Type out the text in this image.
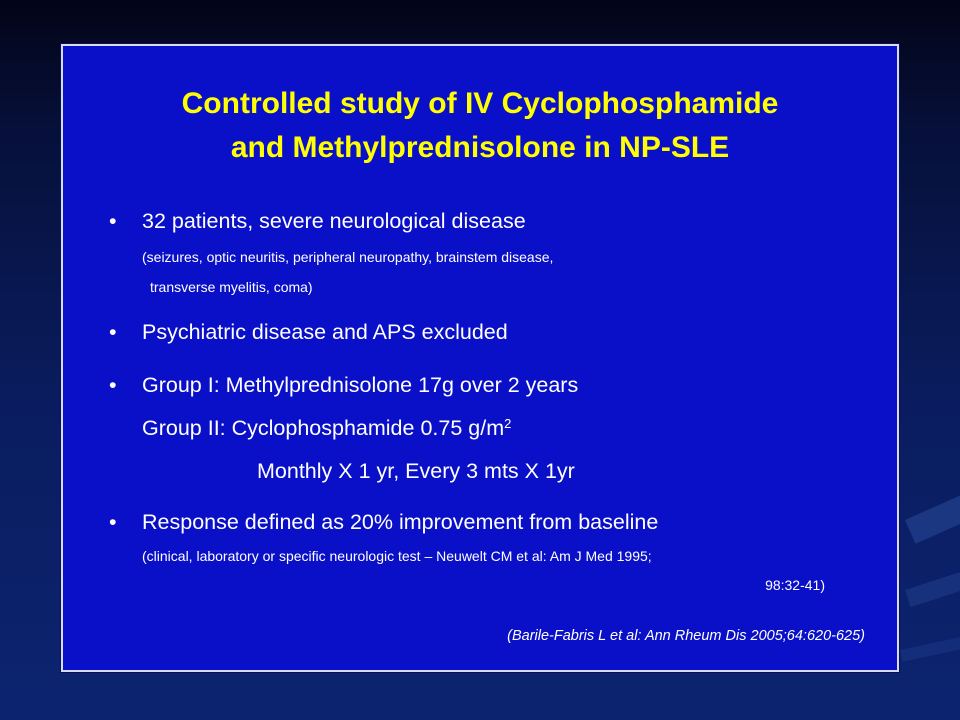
Controlled study of IV Cyclophosphamide
and Methylprednisolone in NP-SLE
• 32 patients, severe neurological disease
(seizures, optic neuritis, peripheral neuropathy, brainstem disease,
transverse myelitis, coma)
• Psychiatric disease and APS excluded
• Group I: Methylprednisolone 17g over 2 years
Group II: Cyclophosphamide 0.75 $g/m^2$
Monthly X 1 yr, Every 3 mts X 1yr
• Response defined as 20% improvement from baseline
(clinical, laboratory or specific neurologic test – Neuwelt CM et al: Am J Med 1995;
98:32-41)
(Barile-Fabris L et al: Ann Rheum Dis 2005;64:620-625)
